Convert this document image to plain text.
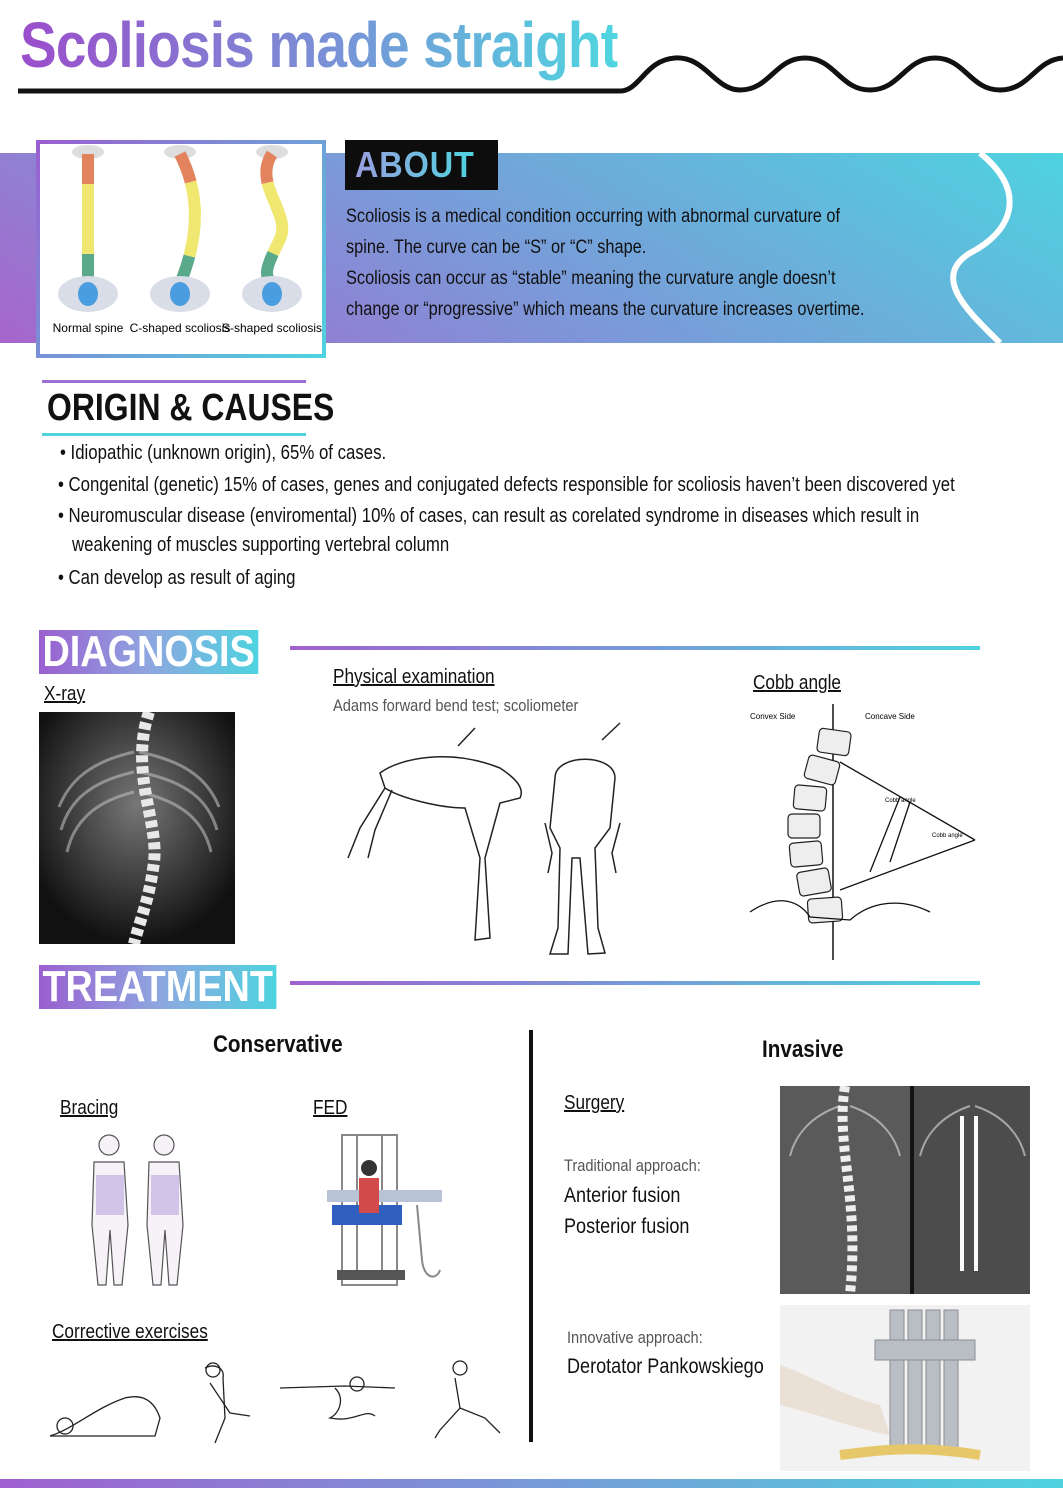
Scoliosis made straight
Normal spine C-shaped scoliosis
S-shaped scoliosis
ABOUT
Scoliosis is a medical condition occurring with abnormal curvature of
spine. The curve can be “S” or “C” shape.
Scoliosis can occur as “stable” meaning the curvature angle doesn’t
change or “progressive” which means the curvature increases overtime.
ORIGIN & CAUSES
• Idiopathic (unknown origin), 65% of cases.
• Congenital (genetic) 15% of cases, genes and conjugated defects responsible for scoliosis haven’t been discovered yet
• Neuromuscular disease (enviromental) 10% of cases, can result as corelated syndrome in diseases which result in
weakening of muscles supporting vertebral column
• Can develop as result of aging
DIAGNOSIS
X-ray
Physical examination
Adams forward bend test; scoliometer
Cobb angle
Convex Side	Concave Side
Cobb angle
Cobb angle
TREATMENT
Conservative	Invasive
Bracing	FED
Corrective exercises
Surgery
Traditional approach:
Anterior fusion
Posterior fusion
Innovative approach:
Derotator Pankowskiego
